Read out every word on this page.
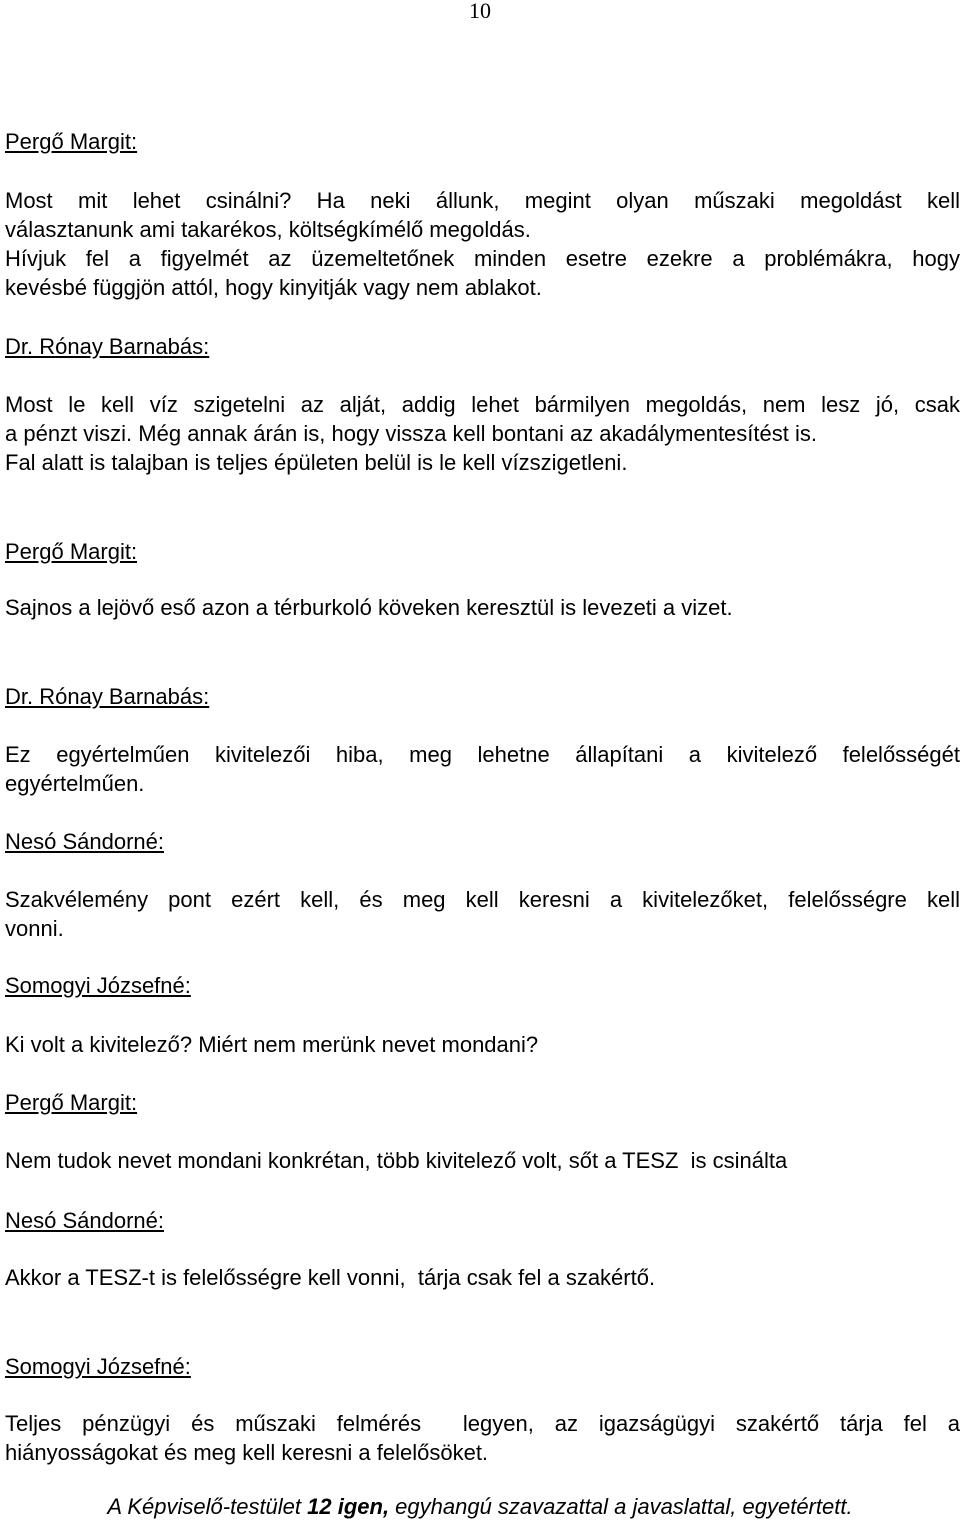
10
Pergő Margit:
Most mit lehet csinálni? Ha neki állunk, megint olyan műszaki megoldást kell
választanunk ami takarékos, költségkímélő megoldás.
Hívjuk fel a figyelmét az üzemeltetőnek minden esetre ezekre a problémákra, hogy
kevésbé függjön attól, hogy kinyitják vagy nem ablakot.
Dr. Rónay Barnabás:
Most le kell víz szigetelni az alját, addig lehet bármilyen megoldás, nem lesz jó, csak
a pénzt viszi. Még annak árán is, hogy vissza kell bontani az akadálymentesítést is.
Fal alatt is talajban is teljes épületen belül is le kell vízszigetleni.
Pergő Margit:
Sajnos a lejövő eső azon a térburkoló köveken keresztül is levezeti a vizet.
Dr. Rónay Barnabás:
Ez egyértelműen kivitelezői hiba, meg lehetne állapítani a kivitelező felelősségét
egyértelműen.
Nesó Sándorné:
Szakvélemény pont ezért kell, és meg kell keresni a kivitelezőket, felelősségre kell
vonni.
Somogyi Józsefné:
Ki volt a kivitelező? Miért nem merünk nevet mondani?
Pergő Margit:
Nem tudok nevet mondani konkrétan, több kivitelező volt, sőt a TESZ  is csinálta
Nesó Sándorné:
Akkor a TESZ-t is felelősségre kell vonni,  tárja csak fel a szakértő.
Somogyi Józsefné:
Teljes pénzügyi és műszaki felmérés  legyen, az igazságügyi szakértő tárja fel a
hiányosságokat és meg kell keresni a felelősöket.

A Képviselő-testület 12 igen, egyhangú szavazattal a javaslattal, egyetértett.
